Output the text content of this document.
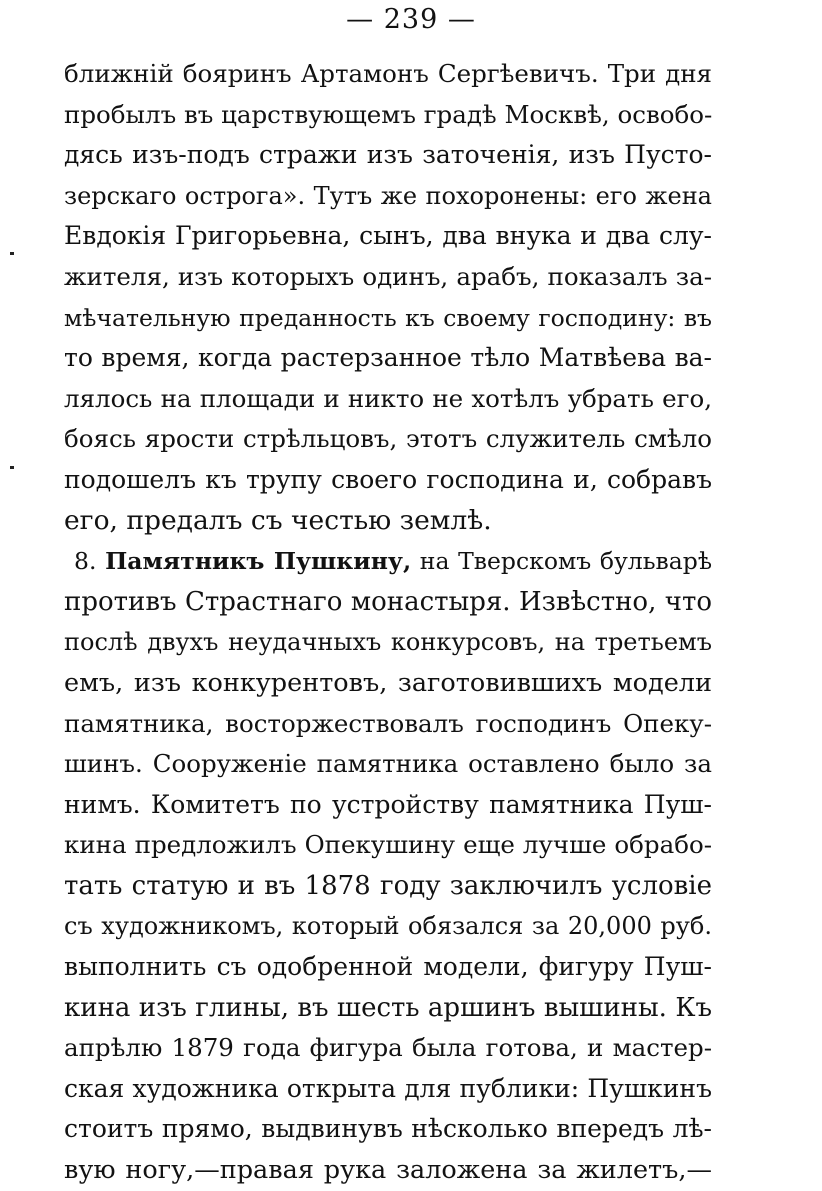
— 239 —
ближній бояринъ Артамонъ Сергѣевичъ. Три дня
пробылъ въ царствующемъ градѣ Москвѣ, освобо-
дясь изъ-подъ стражи изъ заточенія, изъ Пусто-
зерскаго острога». Тутъ же похоронены: его жена
Евдокія Григорьевна, сынъ, два внука и два слу-
жителя, изъ которыхъ одинъ, арабъ, показалъ за-
мѣчательную преданность къ своему господину: въ
то время, когда растерзанное тѣло Матвѣева ва-
лялось на площади и никто не хотѣлъ убрать его,
боясь ярости стрѣльцовъ, этотъ служитель смѣло
подошелъ къ трупу своего господина и, собравъ
его, предалъ съ честью землѣ.
8. Памятникъ Пушкину, на Тверскомъ бульварѣ
противъ Страстнаго монастыря. Извѣстно, что
послѣ двухъ неудачныхъ конкурсовъ, на третьемъ
емъ, изъ конкурентовъ, заготовившихъ модели
памятника, восторжествовалъ господинъ Опеку-
шинъ. Сооруженіе памятника оставлено было за
нимъ. Комитетъ по устройству памятника Пуш-
кина предложилъ Опекушину еще лучше обрабо-
тать статую и въ 1878 году заключилъ условіе
съ художникомъ, который обязался за 20,000 руб.
выполнить съ одобренной модели, фигуру Пуш-
кина изъ глины, въ шесть аршинъ вышины. Къ
апрѣлю 1879 года фигура была готова, и мастер-
ская художника открыта для публики: Пушкинъ
стоитъ прямо, выдвинувъ нѣсколько впередъ лѣ-
вую ногу,—правая рука заложена за жилетъ,—
